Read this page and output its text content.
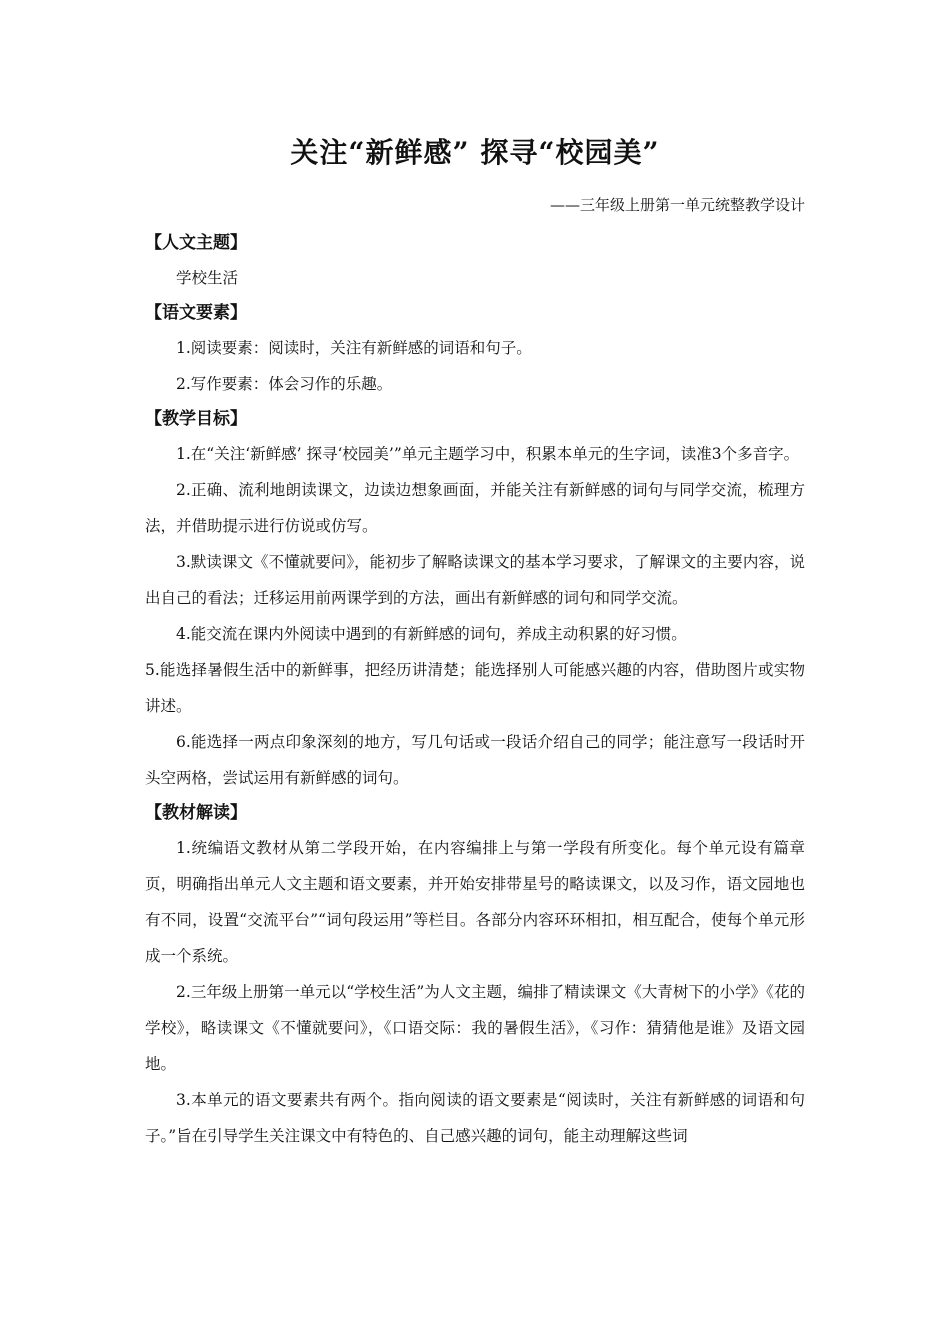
关注“新鲜感” 探寻“校园美”

——三年级上册第一单元统整教学设计

【人文主题】

学校生活

【语文要素】

1.阅读要素：阅读时，关注有新鲜感的词语和句子。

2.写作要素：体会习作的乐趣。

【教学目标】

1.在“关注‘新鲜感’ 探寻‘校园美’”单元主题学习中，积累本单元的生字词，读准3个多音字。

2.正确、流利地朗读课文，边读边想象画面，并能关注有新鲜感的词句与同学交流，梳理方法，并借助提示进行仿说或仿写。

3.默读课文《不懂就要问》，能初步了解略读课文的基本学习要求，了解课文的主要内容，说出自己的看法；迁移运用前两课学到的方法，画出有新鲜感的词句和同学交流。

4.能交流在课内外阅读中遇到的有新鲜感的词句，养成主动积累的好习惯。

5.能选择暑假生活中的新鲜事，把经历讲清楚；能选择别人可能感兴趣的内容，借助图片或实物讲述。

6.能选择一两点印象深刻的地方，写几句话或一段话介绍自己的同学；能注意写一段话时开头空两格，尝试运用有新鲜感的词句。

【教材解读】

1.统编语文教材从第二学段开始，在内容编排上与第一学段有所变化。每个单元设有篇章页，明确指出单元人文主题和语文要素，并开始安排带星号的略读课文，以及习作，语文园地也有不同，设置“交流平台”“词句段运用”等栏目。各部分内容环环相扣，相互配合，使每个单元形成一个系统。

2.三年级上册第一单元以“学校生活”为人文主题，编排了精读课文《大青树下的小学》《花的学校》，略读课文《不懂就要问》，《口语交际：我的暑假生活》，《习作：猜猜他是谁》及语文园地。

3.本单元的语文要素共有两个。指向阅读的语文要素是“阅读时，关注有新鲜感的词语和句子。”旨在引导学生关注课文中有特色的、自己感兴趣的词句，能主动理解这些词
